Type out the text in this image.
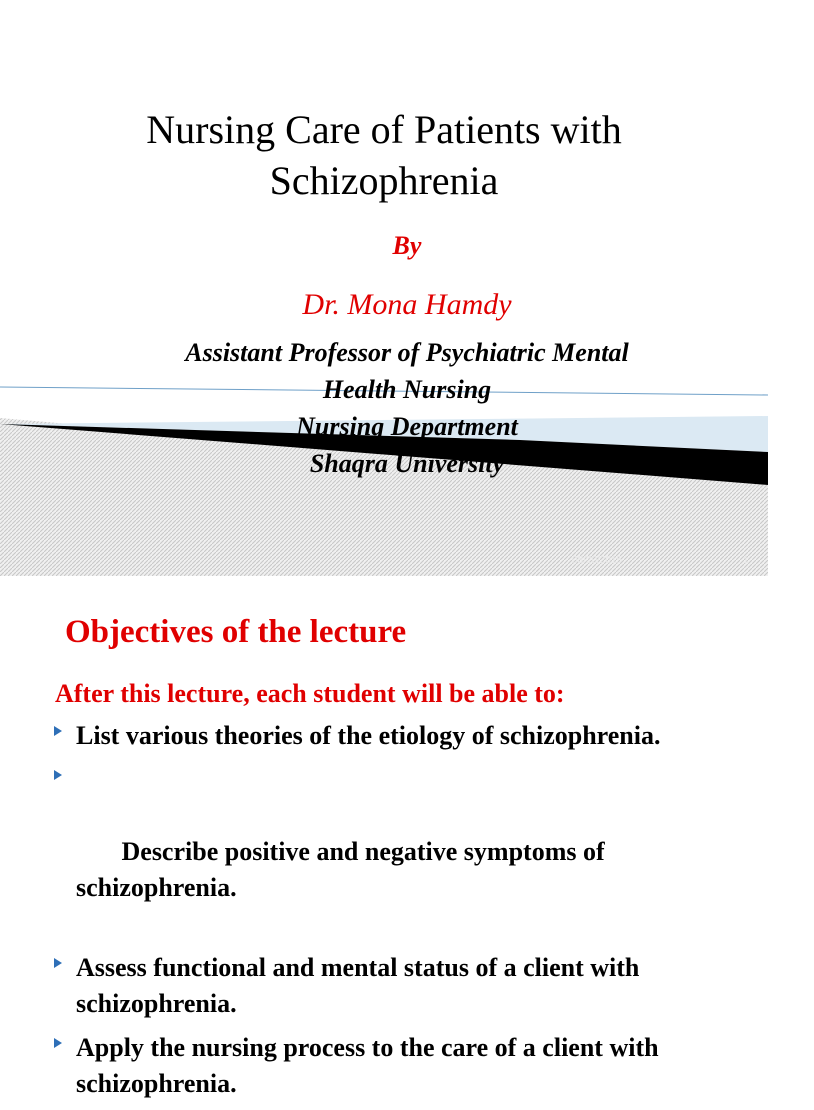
Nursing Care of Patients with
Schizophrenia
By
Dr. Mona Hamdy
Assistant Professor of Psychiatric Mental
Health Nursing
Nursing Department
Shaqra University
08/20/2015	1
Objectives of the lecture
After this lecture, each student will be able to:
List various theories of the etiology of schizophrenia.

Describe positive and negative symptoms of schizophrenia.

Assess functional and mental status of a client with schizophrenia.
Apply the nursing process to the care of a client with schizophrenia.
